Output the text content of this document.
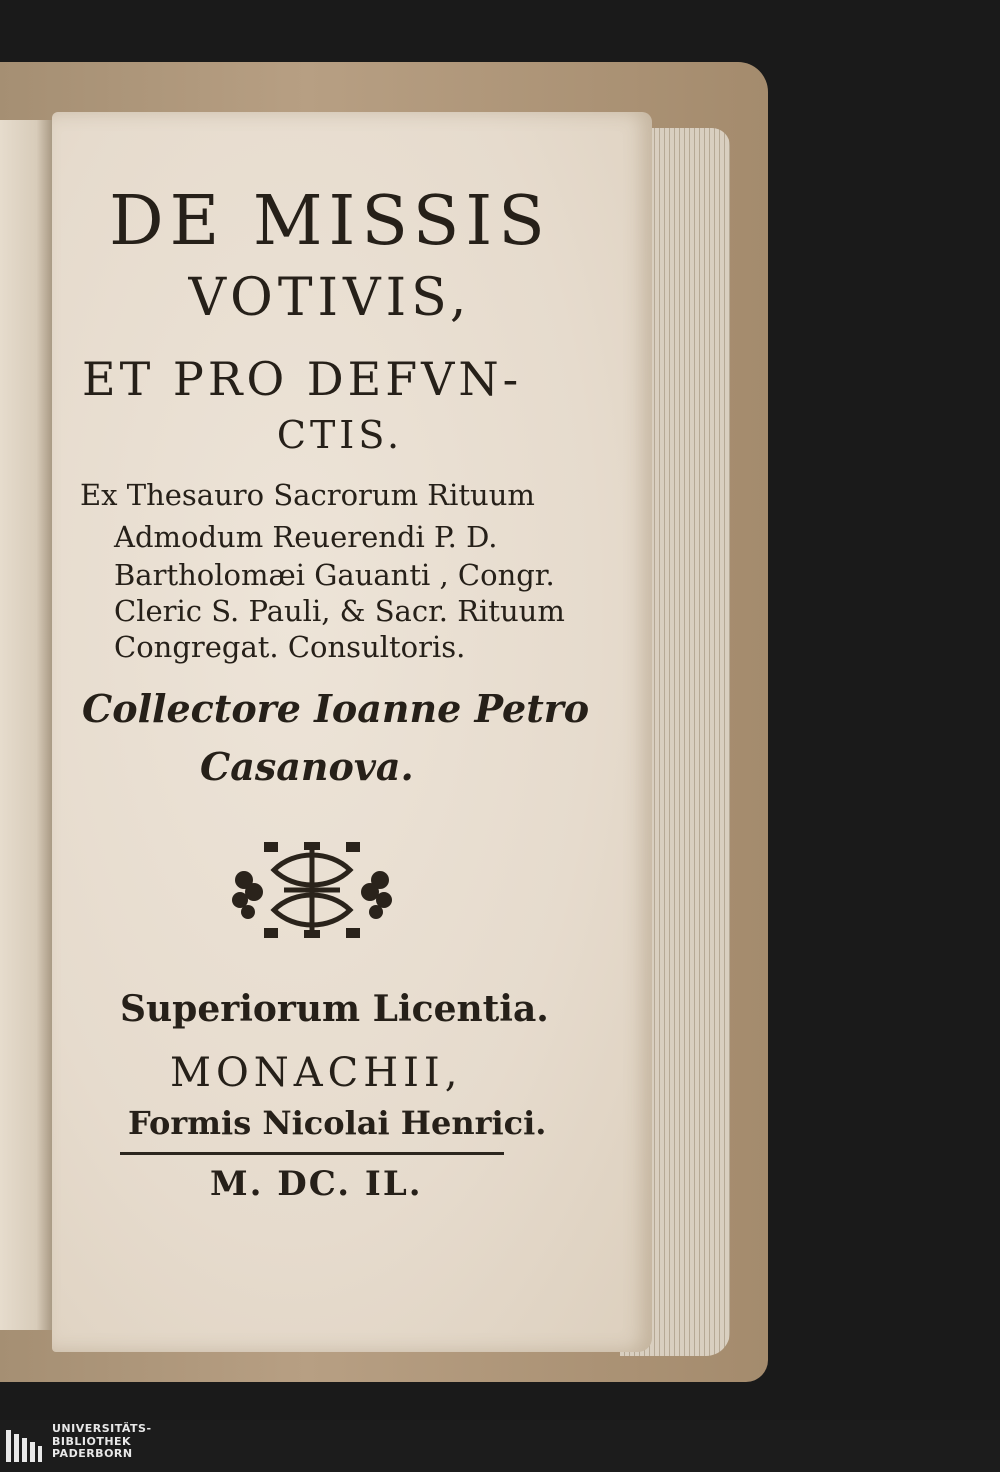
DE MISSIS
VOTIVIS,
ET PRO DEFVN-
CTIS.
Ex Thesauro Sacrorum Rituum
Admodum Reuerendi P. D.
Bartholomæi Gauanti , Congr.
Cleric S. Pauli, & Sacr. Rituum
Congregat. Consultoris.
Collectore Ioanne Petro
Casanova.
Superiorum Licentia.
MONACHII,
Formis Nicolai Henrici.
M. DC. IL.
UNIVERSITÄTS-
BIBLIOTHEK
PADERBORN
